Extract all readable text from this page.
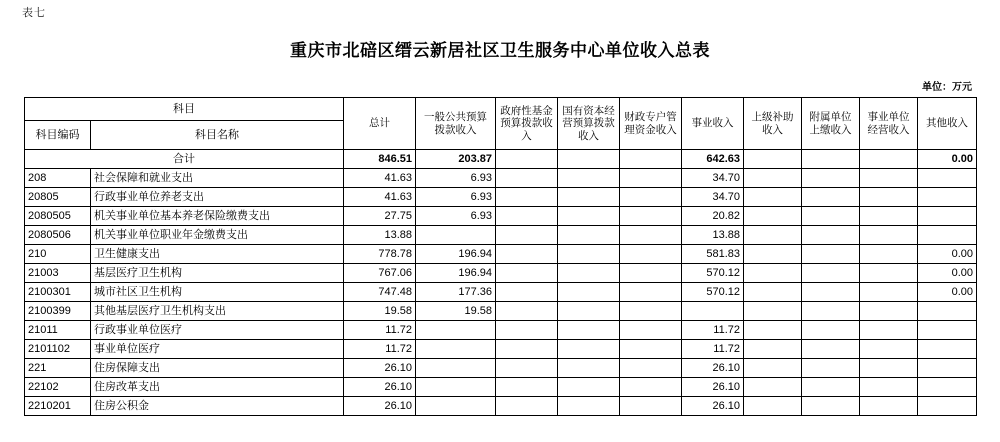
表七
重庆市北碚区缙云新居社区卫生服务中心单位收入总表
单位：万元
科目		总计	一般公共预算拨款收入	政府性基金预算拨款收入	国有资本经营预算拨款收入	财政专户管理资金收入	事业收入	上级补助收入	附属单位上缴收入	事业单位经营收入	其他收入
科目编码	科目名称										
合计		846.51	203.87				642.63				0.00
208	社会保障和就业支出	41.63	6.93				34.70				
20805	行政事业单位养老支出	41.63	6.93				34.70				
2080505	机关事业单位基本养老保险缴费支出	27.75	6.93				20.82				
2080506	机关事业单位职业年金缴费支出	13.88					13.88				
210	卫生健康支出	778.78	196.94				581.83				0.00
21003	基层医疗卫生机构	767.06	196.94				570.12				0.00
2100301	城市社区卫生机构	747.48	177.36				570.12				0.00
2100399	其他基层医疗卫生机构支出	19.58	19.58								
21011	行政事业单位医疗	11.72					11.72				
2101102	事业单位医疗	11.72					11.72				
221	住房保障支出	26.10					26.10				
22102	住房改革支出	26.10					26.10				
2210201	住房公积金	26.10					26.10				
